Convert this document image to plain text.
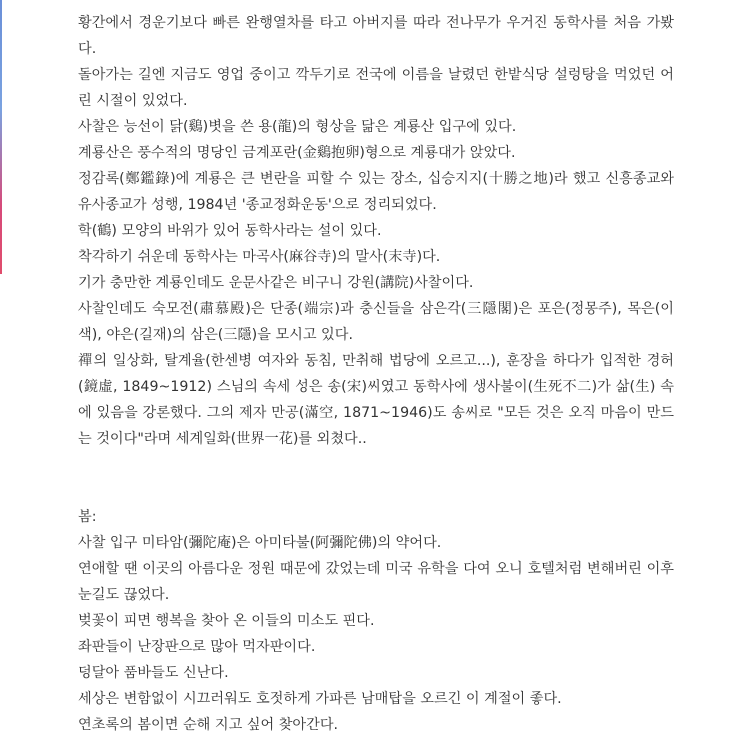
황간에서 경운기보다 빠른 완행열차를 타고 아버지를 따라 전나무가 우거진 동학사를 처음 가봤다.

돌아가는 길엔 지금도 영업 중이고 깍두기로 전국에 이름을 날렸던 한밭식당 설렁탕을 먹었던 어린 시절이 있었다.

사찰은 능선이 닭(鷄)볏을 쓴 용(龍)의 형상을 닮은 계룡산 입구에 있다.

계룡산은 풍수적의 명당인 금계포란(金鷄抱卵)형으로 계룡대가 앉았다.

정감록(鄭鑑錄)에 계룡은 큰 변란을 피할 수 있는 장소, 십승지지(十勝之地)라 했고 신흥종교와 유사종교가 성행, 1984년 '종교정화운동'으로 정리되었다.

학(鶴) 모양의 바위가 있어 동학사라는 설이 있다.

착각하기 쉬운데 동학사는 마곡사(麻谷寺)의 말사(末寺)다.

기가 충만한 계룡인데도 운문사같은 비구니 강원(講院)사찰이다.

사찰인데도 숙모전(肅慕殿)은 단종(端宗)과 충신들을 삼은각(三隱閣)은 포은(정몽주), 목은(이색), 야은(길재)의 삼은(三隱)을 모시고 있다.

禪의 일상화, 탈계율(한센병 여자와 동침, 만취해 법당에 오르고...), 훈장을 하다가 입적한 경허(鏡虛, 1849~1912) 스님의 속세 성은 송(宋)씨였고 동학사에 생사불이(生死不二)가 삶(生) 속에 있음을 강론했다. 그의 제자 만공(滿空, 1871~1946)도 송씨로 "모든 것은 오직 마음이 만드는 것이다"라며 세계일화(世界一花)를 외쳤다..

봄:

사찰 입구 미타암(彌陀庵)은 아미타불(阿彌陀佛)의 약어다.

연애할 땐 이곳의 아름다운 정원 때문에 갔었는데 미국 유학을 다여 오니 호텔처럼 변해버린 이후 눈길도 끊었다.

벚꽃이 피면 행복을 찾아 온 이들의 미소도 핀다.

좌판들이 난장판으로 많아 먹자판이다.

덩달아 품바들도 신난다.

세상은 변함없이 시끄러워도 호젓하게 가파른 남매탑을 오르긴 이 계절이 좋다.

연초록의 봄이면 순해 지고 싶어 찾아간다.
